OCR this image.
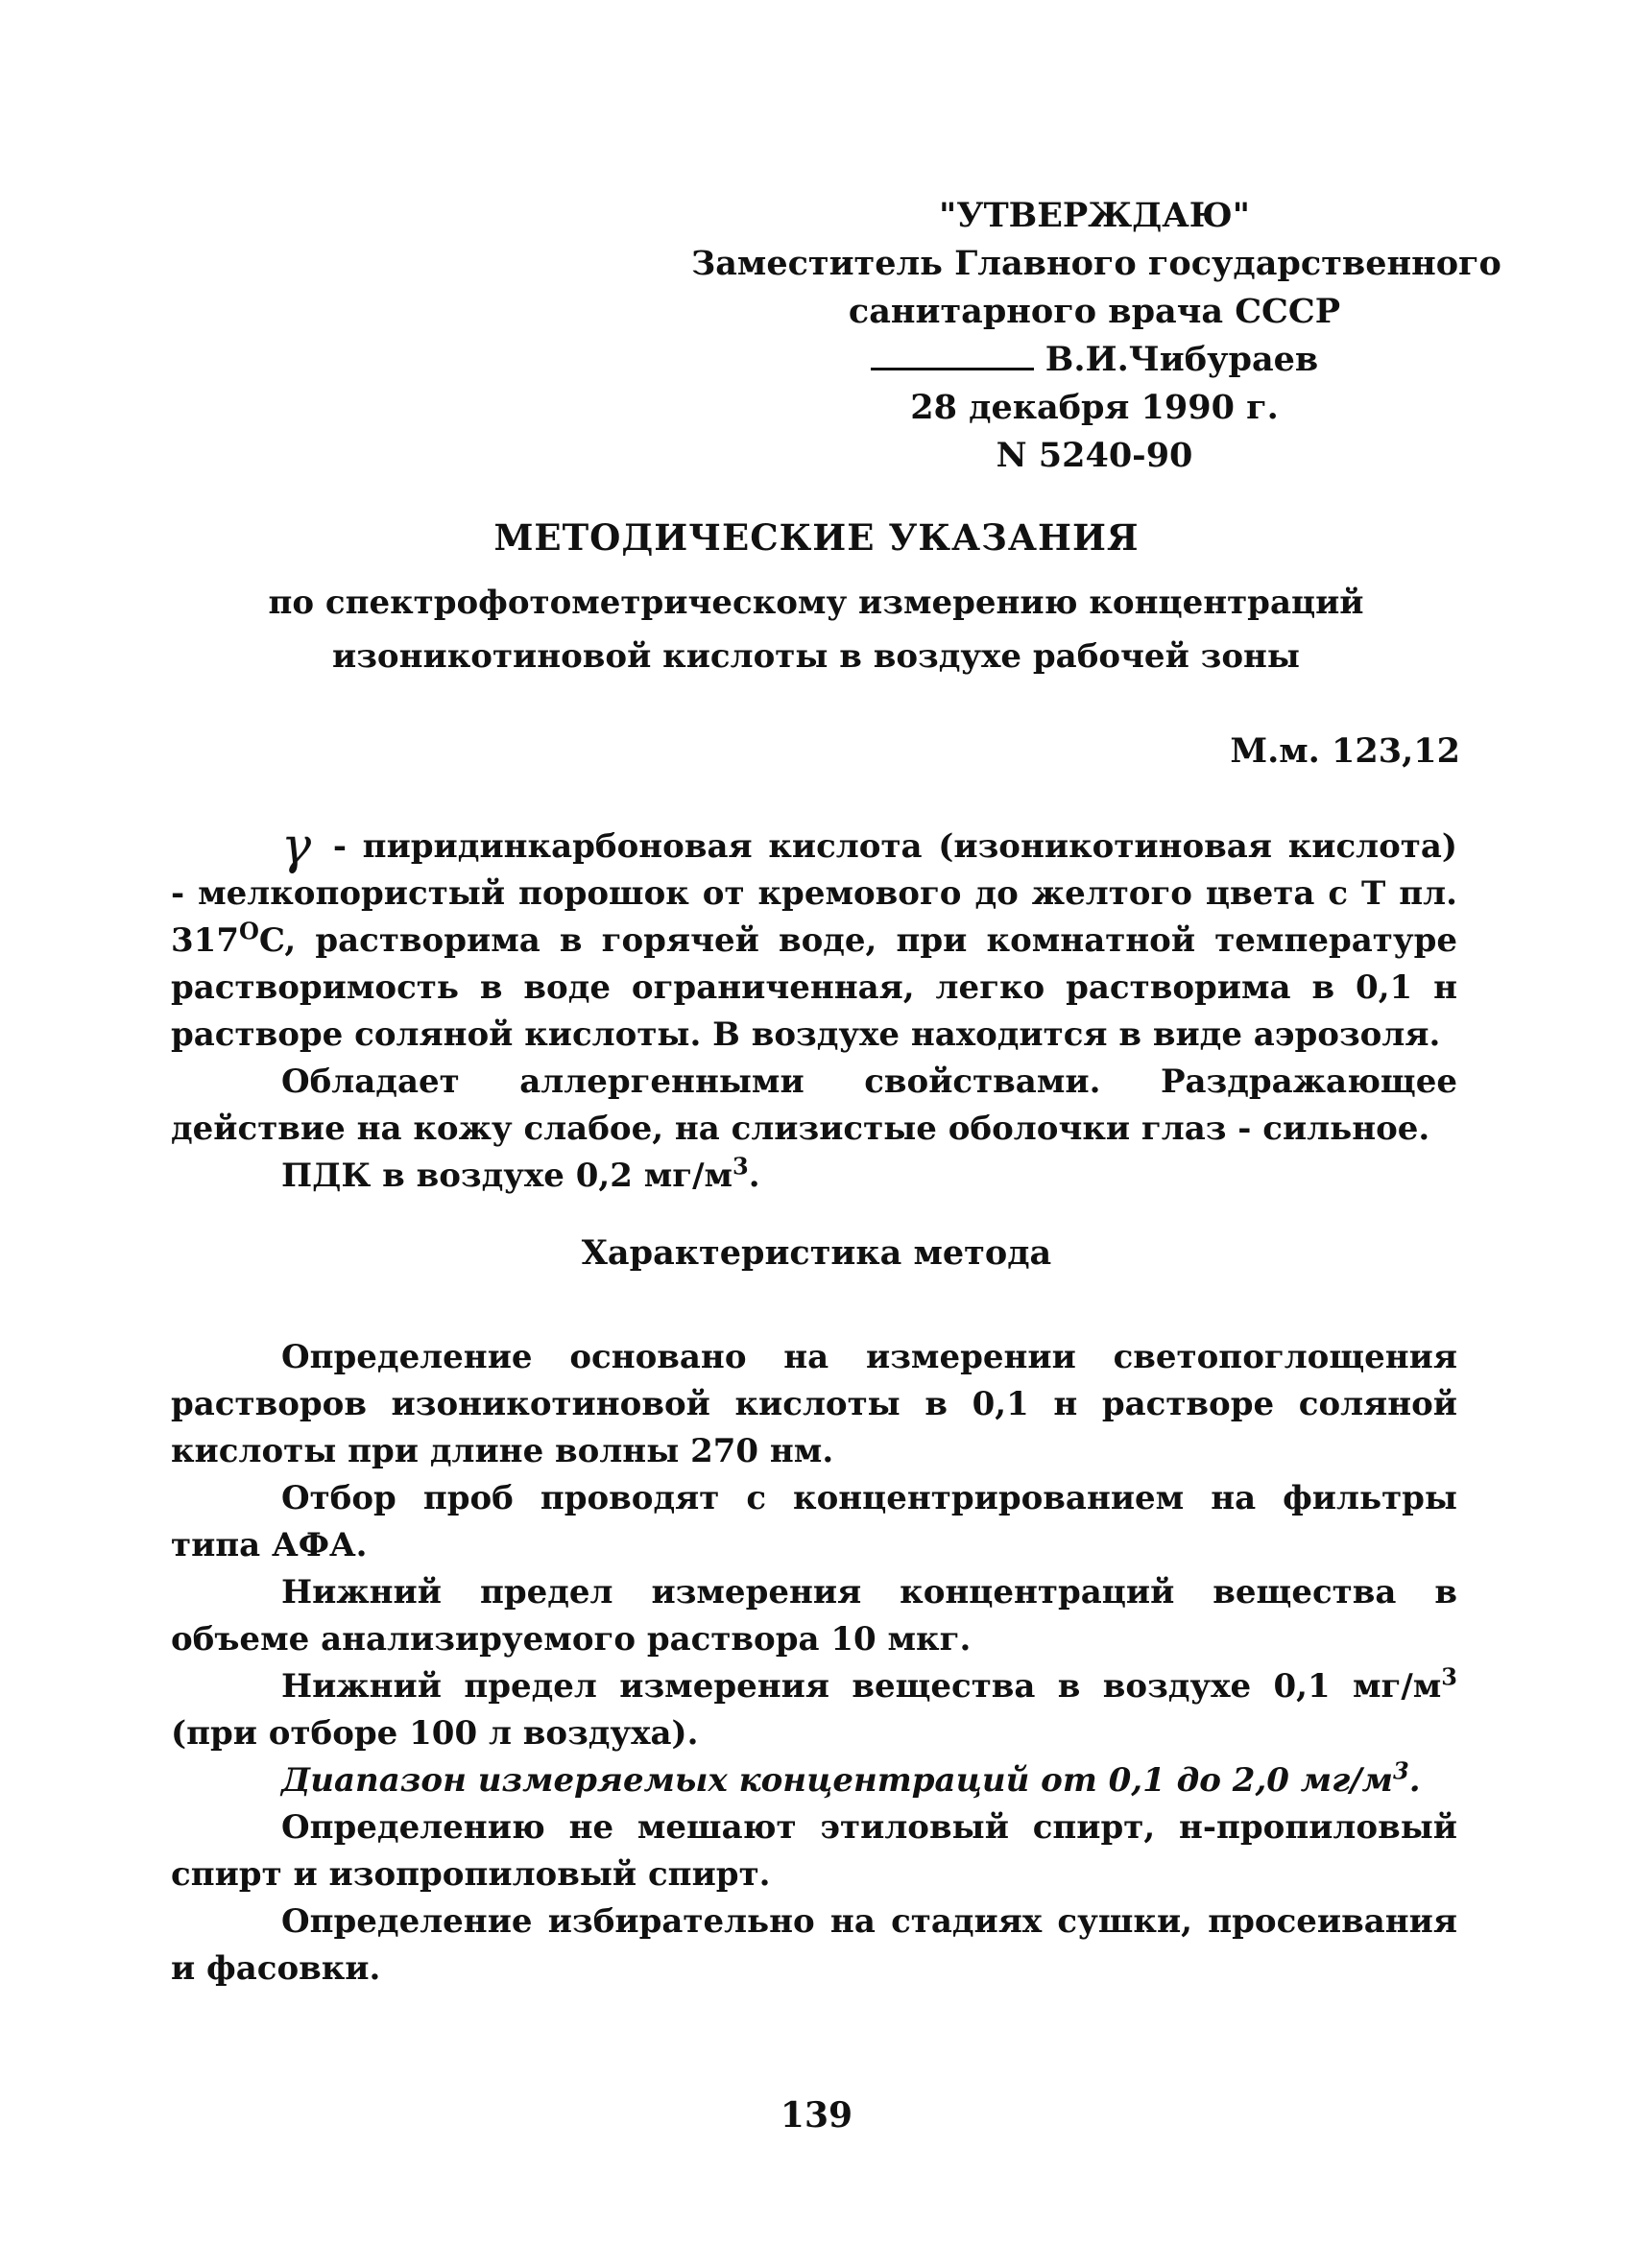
"УТВЕРЖДАЮ"
Заместитель Главного государственного
санитарного врача СССР
В.И.Чибураев
28 декабря 1990 г.
N 5240-90
МЕТОДИЧЕСКИЕ УКАЗАНИЯ
по спектрофотометрическому измерению концентраций
изоникотиновой кислоты в воздухе рабочей зоны
М.м. 123,12

γ - пиридинкарбоновая кислота (изоникотиновая кислота) - мелкопористый порошок от кремового до желтого цвета с Т пл. $317^OC$, растворима в горячей воде, при комнатной температуре растворимость в воде ограниченная, легко растворима в 0,1 н растворе соляной кислоты. В воздухе находится в виде аэрозоля.

Обладает аллергенными свойствами. Раздражающее действие на кожу слабое, на слизистые оболочки глаз - сильное.

ПДК в воздухе 0,2 $мг/м^3$.

Характеристика метода

Определение основано на измерении светопоглощения растворов изоникотиновой кислоты в 0,1 н растворе соляной кислоты при длине волны 270 нм.

Отбор проб проводят с концентрированием на фильтры типа АФА.

Нижний предел измерения концентраций вещества в объеме анализируемого раствора 10 мкг.

Нижний предел измерения вещества в воздухе 0,1 $мг/м^3$ (при отборе 100 л воздуха).

Диапазон измеряемых концентраций от 0,1 до 2,0 $мг/м^3$.

Определению не мешают этиловый спирт, н-пропиловый спирт и изопропиловый спирт.

Определение избирательно на стадиях сушки, просеивания и фасовки.

139
